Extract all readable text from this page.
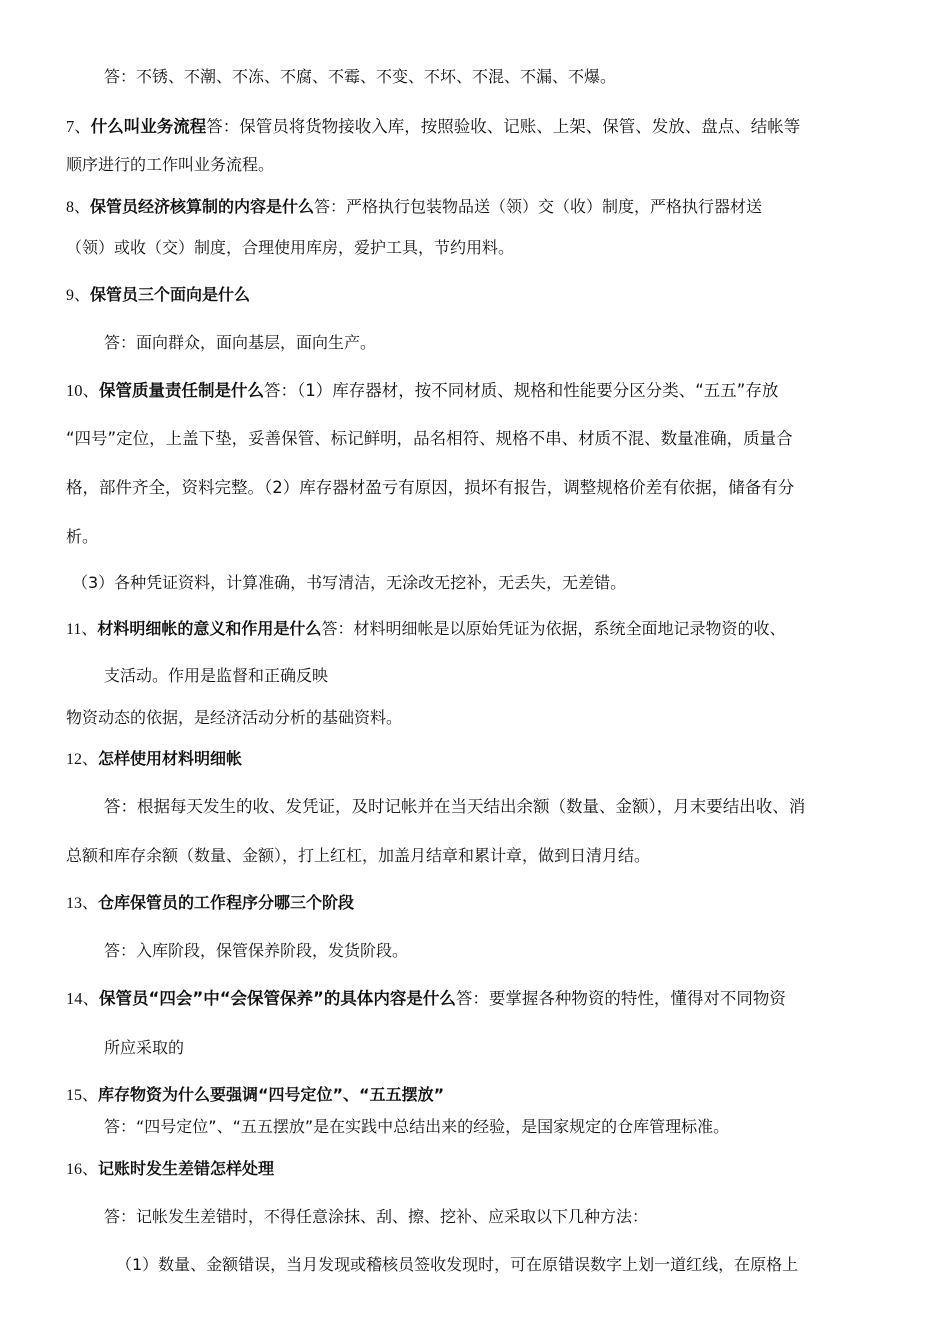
答：不锈、不潮、不冻、不腐、不霉、不变、不坏、不混、不漏、不爆。
7、什么叫业务流程答：保管员将货物接收入库，按照验收、记账、上架、保管、发放、盘点、结帐等
顺序进行的工作叫业务流程。
8、保管员经济核算制的内容是什么答：严格执行包装物品送（领）交（收）制度，严格执行器材送
（领）或收（交）制度，合理使用库房，爱护工具，节约用料。
9、保管员三个面向是什么
答：面向群众，面向基层，面向生产。
10、保管质量责任制是什么答：（1）库存器材，按不同材质、规格和性能要分区分类、“五五”存放
“四号”定位，上盖下垫，妥善保管、标记鲜明，品名相符、规格不串、材质不混、数量准确，质量合
格，部件齐全，资料完整。（2）库存器材盈亏有原因，损坏有报告，调整规格价差有依据，储备有分
析。
（3）各种凭证资料，计算准确，书写清洁，无涂改无挖补，无丢失，无差错。
11、材料明细帐的意义和作用是什么答：材料明细帐是以原始凭证为依据，系统全面地记录物资的收、
支活动。作用是监督和正确反映
物资动态的依据，是经济活动分析的基础资料。
12、怎样使用材料明细帐
答：根据每天发生的收、发凭证，及时记帐并在当天结出余额（数量、金额），月末要结出收、消
总额和库存余额（数量、金额），打上红杠，加盖月结章和累计章，做到日清月结。
13、仓库保管员的工作程序分哪三个阶段
答：入库阶段，保管保养阶段，发货阶段。
14、保管员“四会”中“会保管保养”的具体内容是什么答：要掌握各种物资的特性，懂得对不同物资
所应采取的
15、库存物资为什么要强调“四号定位”、“五五摆放”
答：“四号定位”、“五五摆放”是在实践中总结出来的经验，是国家规定的仓库管理标准。
16、记账时发生差错怎样处理
答：记帐发生差错时，不得任意涂抹、刮、擦、挖补、应采取以下几种方法：
（1）数量、金额错误，当月发现或稽核员签收发现时，可在原错误数字上划一道红线，在原格上
